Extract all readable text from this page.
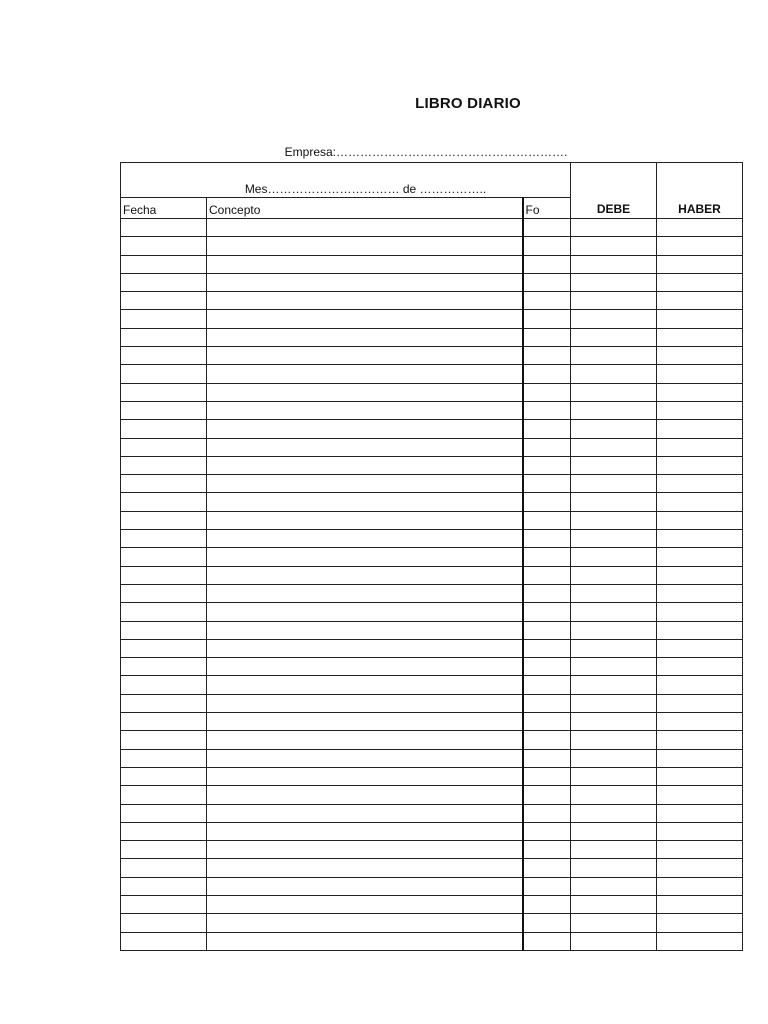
LIBRO DIARIO
Empresa:………………………………………………….
Mes…………………………… de ……………..			DEBE	HABER
Fecha	Concepto	Fo		
